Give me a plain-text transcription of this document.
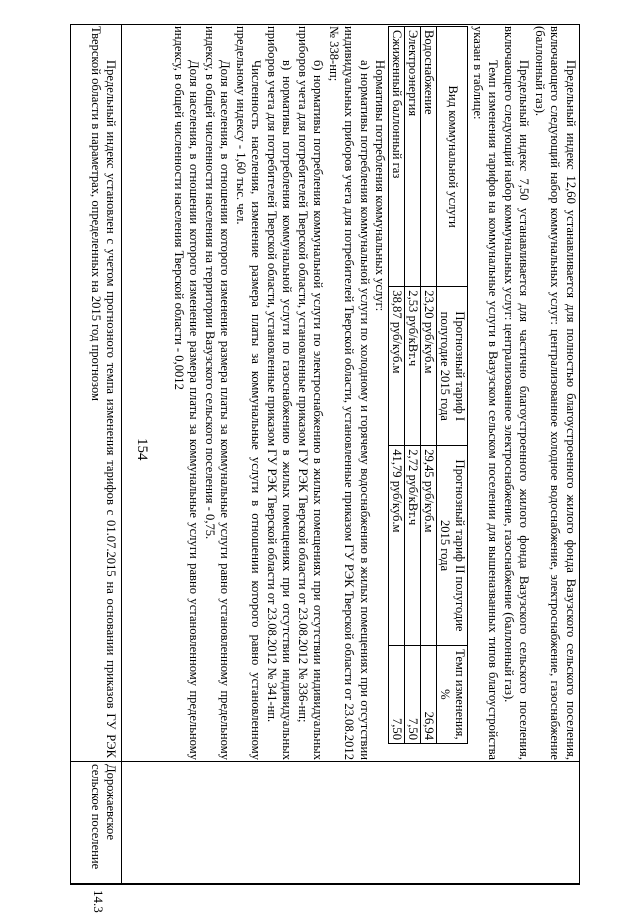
154	Предельный индекс 12,60 устанавливается для полностью благоустроенного жилого фонда Вазузского сельского поселения, включающего следующий набор коммунальных услуг: централизованное холодное водоснабжение, электроснабжение, газоснабжение (баллонный газ).

Предельный индекс 7,50 устанавливается для частично благоустроенного жилого фонда Вазузского сельского поселения, включающего следующий набор коммунальных услуг: централизованное электроснабжение, газоснабжение (баллонный газ).

Темп изменения тарифов на коммунальные услуги в Вазузском сельском поселении для вышеназванных типов благоустройства указан в таблице:

Вид коммунальной услуги	Прогнозный тариф I полугодие 2015 года	Прогнозный тариф II полугодие 2015 года	Темп изменения, %
Водоснабжение	23,20 руб/куб.м	29,45 руб/куб.м	26,94
Электроэнергия	2,53 руб/кВт.ч	2,72 руб/кВт.ч	7,50
Сжиженный баллонный газ	38,87 руб/куб.м	41,79 руб/куб.м	7,50

Нормативы потребления коммунальных услуг:

а) нормативы потребления коммунальной услуги по холодному и горячему водоснабжению в жилых помещениях при отсутствии индивидуальных приборов учета для потребителей Тверской области, установленные приказом ГУ РЭК Тверской области от 23.08.2012 № 338-нп;

б) нормативы потребления коммунальной услуги по электроснабжению в жилых помещениях при отсутствии индивидуальных приборов учета для потребителей Тверской области, установленные приказом ГУ РЭК Тверской области от 23.08.2012 № 336-нп;

в) нормативы потребления коммунальной услуги по газоснабжению в жилых помещениях при отсутствии индивидуальных приборов учета для потребителей Тверской области, установленные приказом ГУ РЭК Тверской области от 23.08.2012 № 341-нп.

Численность населения, изменение размера платы за коммунальные услуги в отношении которого равно установленному предельному индексу - 1,60 тыс. чел.

Доля населения, в отношении которого изменение размера платы за коммунальные услуги равно установленному предельному индексу, в общей численности населения на территории Вазузского сельского поселения - 0,75.

Доля населения, в отношении которого изменение размера платы за коммунальные услуги равно установленному предельному индексу, в общей численности населения Тверской области - 0,0012

14.3
Дорожаевское сельское поселение
Предельный индекс установлен с учетом прогнозного темпа изменения тарифов с 01.07.2015 на основании приказов ГУ РЭК Тверской области в параметрах, определенных на 2015 год прогнозом
